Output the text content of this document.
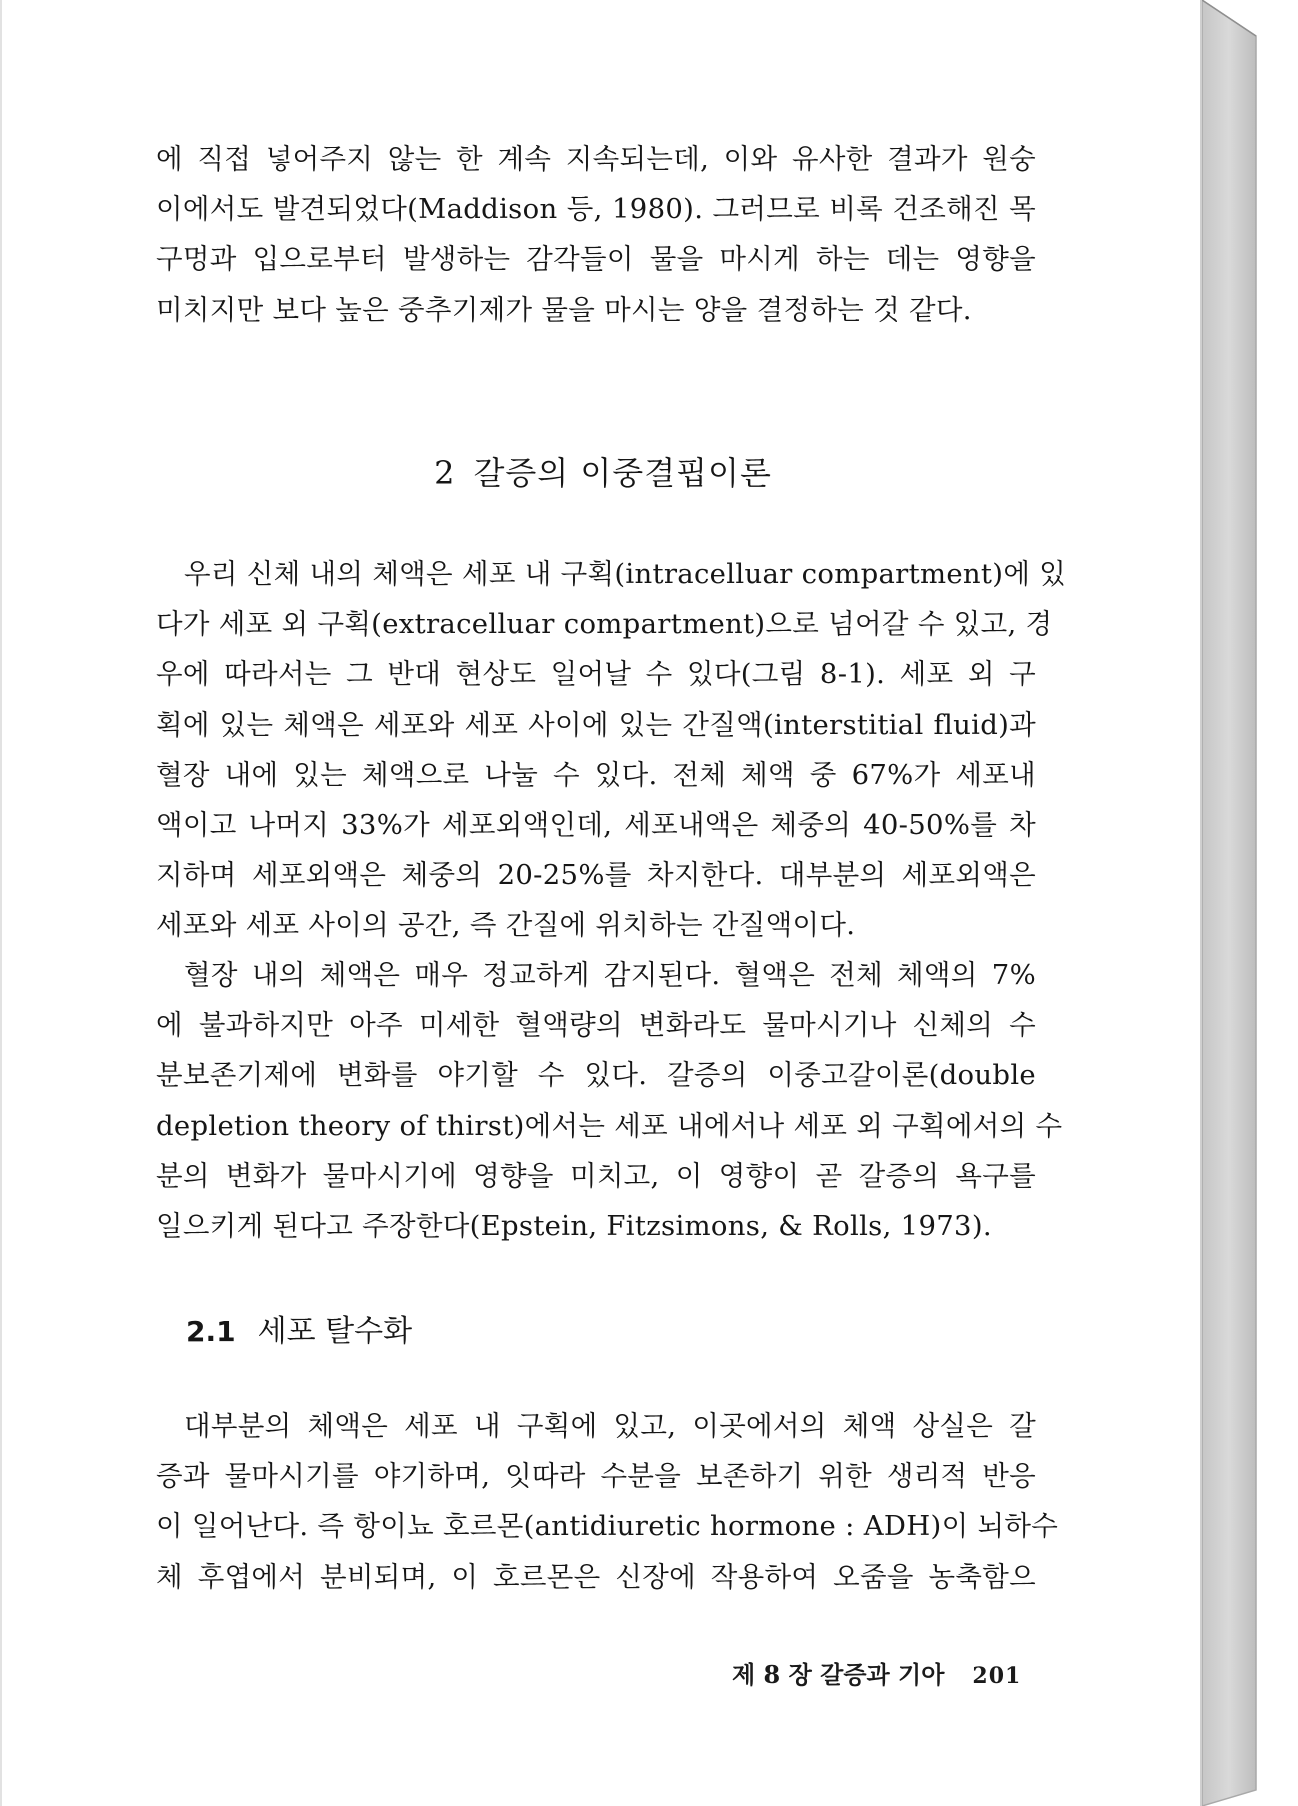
에 직접 넣어주지 않는 한 계속 지속되는데, 이와 유사한 결과가 원숭
이에서도 발견되었다(Maddison 등, 1980). 그러므로 비록 건조해진 목
구멍과 입으로부터 발생하는 감각들이 물을 마시게 하는 데는 영향을
미치지만 보다 높은 중추기제가 물을 마시는 양을 결정하는 것 같다.
2 갈증의 이중결핍이론
우리 신체 내의 체액은 세포 내 구획(intracelluar compartment)에 있
다가 세포 외 구획(extracelluar compartment)으로 넘어갈 수 있고, 경
우에 따라서는 그 반대 현상도 일어날 수 있다(그림 8-1). 세포 외 구
획에 있는 체액은 세포와 세포 사이에 있는 간질액(interstitial fluid)과
혈장 내에 있는 체액으로 나눌 수 있다. 전체 체액 중 67%가 세포내
액이고 나머지 33%가 세포외액인데, 세포내액은 체중의 40-50%를 차
지하며 세포외액은 체중의 20-25%를 차지한다. 대부분의 세포외액은
세포와 세포 사이의 공간, 즉 간질에 위치하는 간질액이다.
혈장 내의 체액은 매우 정교하게 감지된다. 혈액은 전체 체액의 7%
에 불과하지만 아주 미세한 혈액량의 변화라도 물마시기나 신체의 수
분보존기제에 변화를 야기할 수 있다. 갈증의 이중고갈이론(double
depletion theory of thirst)에서는 세포 내에서나 세포 외 구획에서의 수
분의 변화가 물마시기에 영향을 미치고, 이 영향이 곧 갈증의 욕구를
일으키게 된다고 주장한다(Epstein, Fitzsimons, & Rolls, 1973).
2.1 세포 탈수화
대부분의 체액은 세포 내 구획에 있고, 이곳에서의 체액 상실은 갈
증과 물마시기를 야기하며, 잇따라 수분을 보존하기 위한 생리적 반응
이 일어난다. 즉 항이뇨 호르몬(antidiuretic hormone : ADH)이 뇌하수
체 후엽에서 분비되며, 이 호르몬은 신장에 작용하여 오줌을 농축함으
제 8 장 갈증과 기아 201
